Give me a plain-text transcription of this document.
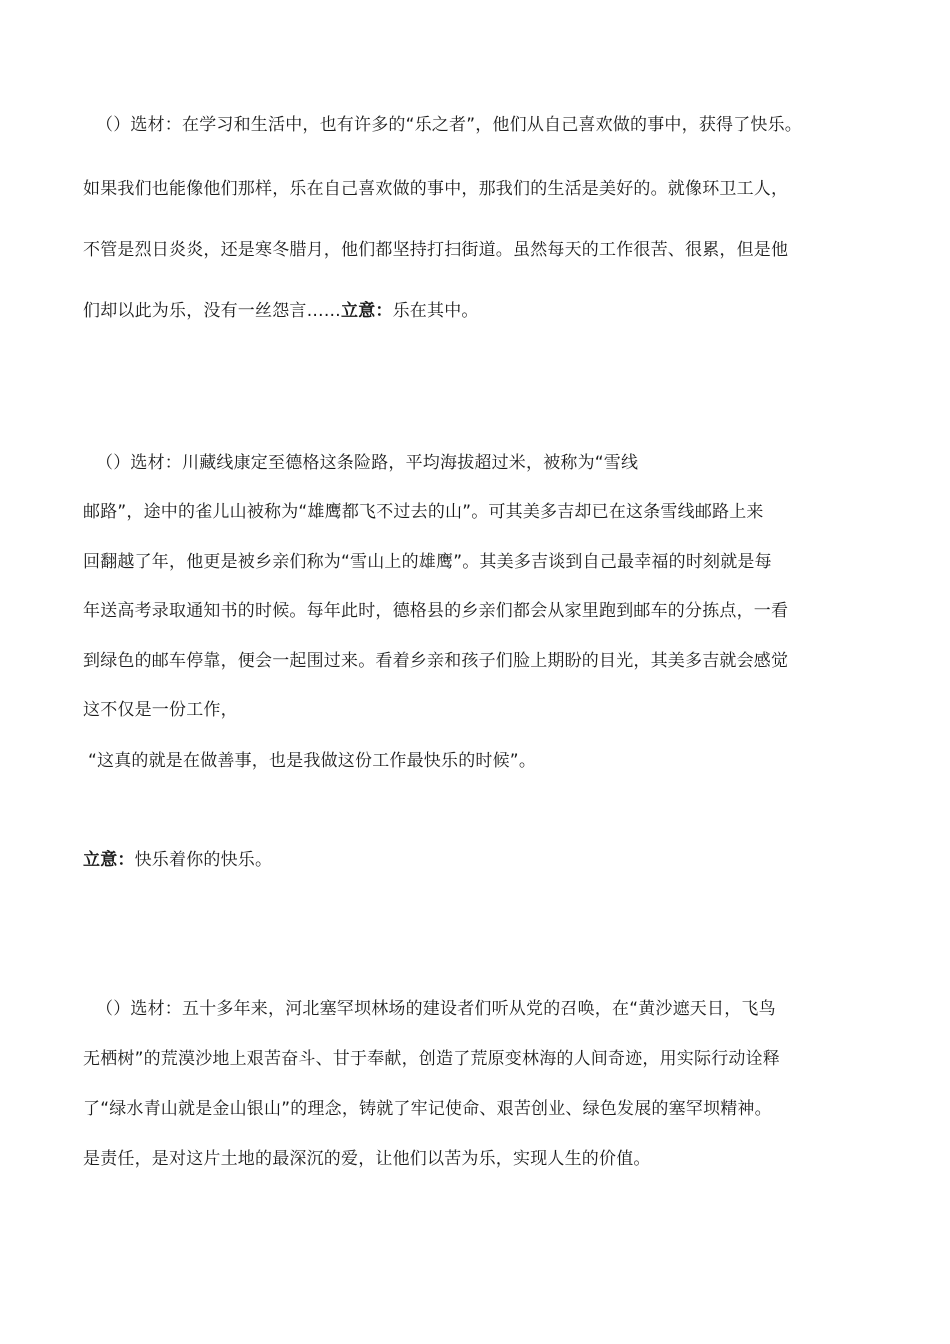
（）选材：在学习和生活中，也有许多的“乐之者”，他们从自己喜欢做的事中，获得了快乐。
如果我们也能像他们那样，乐在自己喜欢做的事中，那我们的生活是美好的。就像环卫工人，
不管是烈日炎炎，还是寒冬腊月，他们都坚持打扫街道。虽然每天的工作很苦、很累，但是他
们却以此为乐，没有一丝怨言……立意：乐在其中。
（）选材：川藏线康定至德格这条险路，平均海拔超过米，被称为“雪线
邮路”，途中的雀儿山被称为“雄鹰都飞不过去的山”。可其美多吉却已在这条雪线邮路上来
回翻越了年，他更是被乡亲们称为“雪山上的雄鹰”。其美多吉谈到自己最幸福的时刻就是每
年送高考录取通知书的时候。每年此时，德格县的乡亲们都会从家里跑到邮车的分拣点，一看
到绿色的邮车停靠，便会一起围过来。看着乡亲和孩子们脸上期盼的目光，其美多吉就会感觉
这不仅是一份工作，
“这真的就是在做善事，也是我做这份工作最快乐的时候”。
立意：快乐着你的快乐。
（）选材：五十多年来，河北塞罕坝林场的建设者们听从党的召唤，在“黄沙遮天日，飞鸟
无栖树”的荒漠沙地上艰苦奋斗、甘于奉献，创造了荒原变林海的人间奇迹，用实际行动诠释
了“绿水青山就是金山银山”的理念，铸就了牢记使命、艰苦创业、绿色发展的塞罕坝精神。
是责任，是对这片土地的最深沉的爱，让他们以苦为乐，实现人生的价值。
